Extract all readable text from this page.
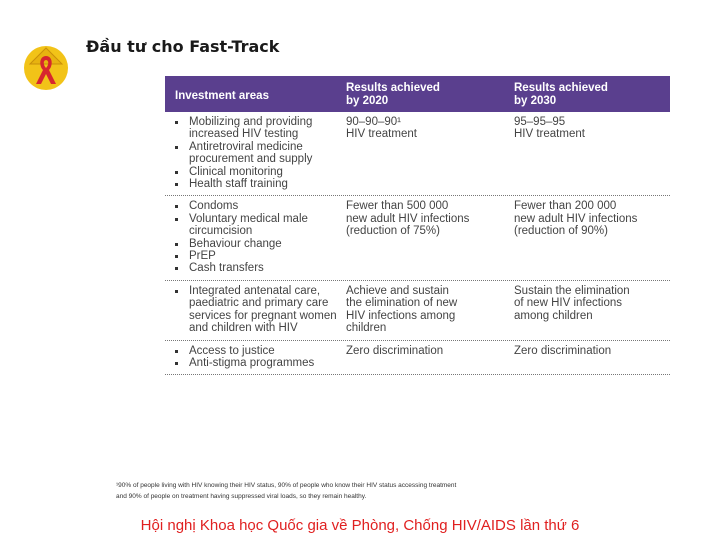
Đầu tư cho Fast-Track
Investment areas
Results achieved
by 2020
Results achieved
by 2030
Mobilizing and providing increased HIV testing
Antiretroviral medicine procurement and supply
Clinical monitoring
Health staff training
90–90–90¹
HIV treatment
95–95–95
HIV treatment
Condoms
Voluntary medical male circumcision
Behaviour change
PrEP
Cash transfers
Fewer than 500 000
new adult HIV infections
(reduction of 75%)
Fewer than 200 000
new adult HIV infections
(reduction of 90%)
Integrated antenatal care, paediatric and primary care services for pregnant women and children with HIV
Achieve and sustain
the elimination of new
HIV infections among
children
Sustain the elimination
of new HIV infections
among children
Access to justice
Anti-stigma programmes
Zero discrimination	Zero discrimination
¹90% of people living with HIV knowing their HIV status, 90% of people who know their HIV status accessing treatment
and 90% of people on treatment having suppressed viral loads, so they remain healthy.
Hội nghị Khoa học Quốc gia về Phòng, Chống HIV/AIDS lần thứ 6
